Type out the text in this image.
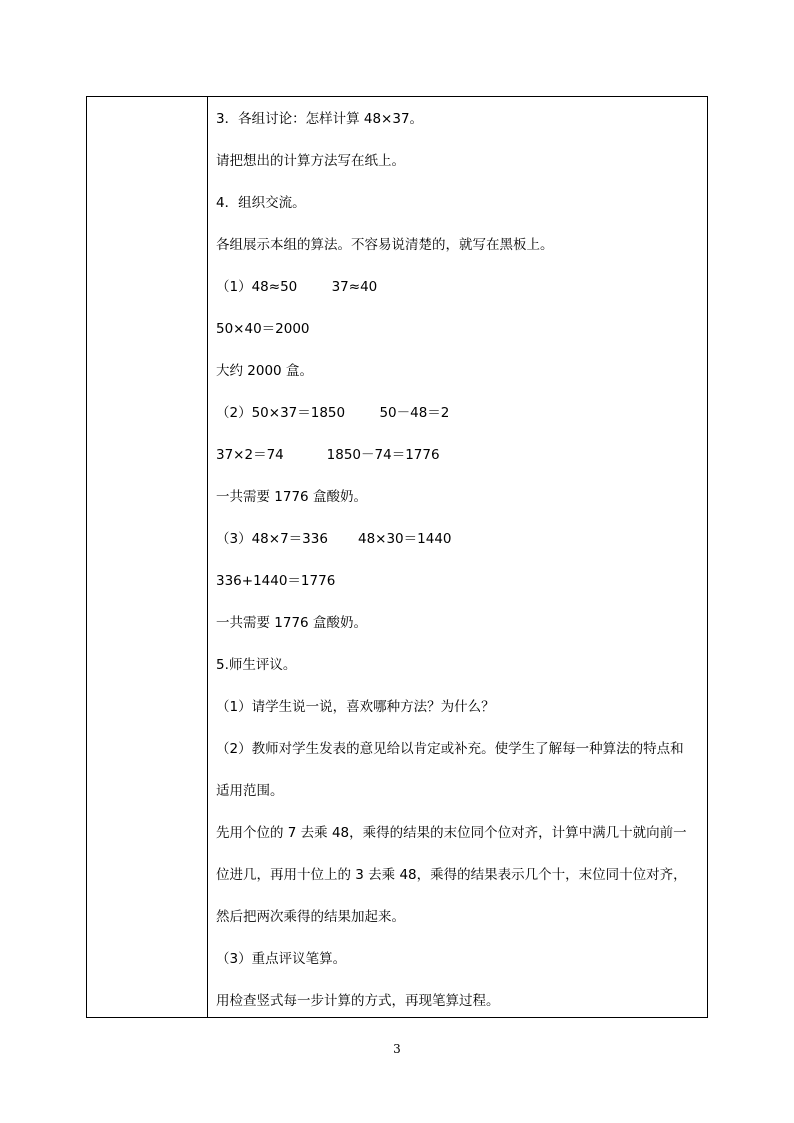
3．各组讨论：怎样计算 48×37。
请把想出的计算方法写在纸上。
4．组织交流。
各组展示本组的算法。不容易说清楚的，就写在黑板上。
（1）48≈50        37≈40
50×40＝2000
大约 2000 盒。
（2）50×37＝1850        50－48＝2
37×2＝74          1850－74＝1776
一共需要 1776 盒酸奶。
（3）48×7＝336       48×30＝1440
336+1440＝1776
一共需要 1776 盒酸奶。
5.师生评议。
（1）请学生说一说，喜欢哪种方法？为什么？
（2）教师对学生发表的意见给以肯定或补充。使学生了解每一种算法的特点和
适用范围。
先用个位的 7 去乘 48，乘得的结果的末位同个位对齐，计算中满几十就向前一
位进几，再用十位上的 3 去乘 48，乘得的结果表示几个十，末位同十位对齐，
然后把两次乘得的结果加起来。
（3）重点评议笔算。
用检查竖式每一步计算的方式，再现笔算过程。
3
